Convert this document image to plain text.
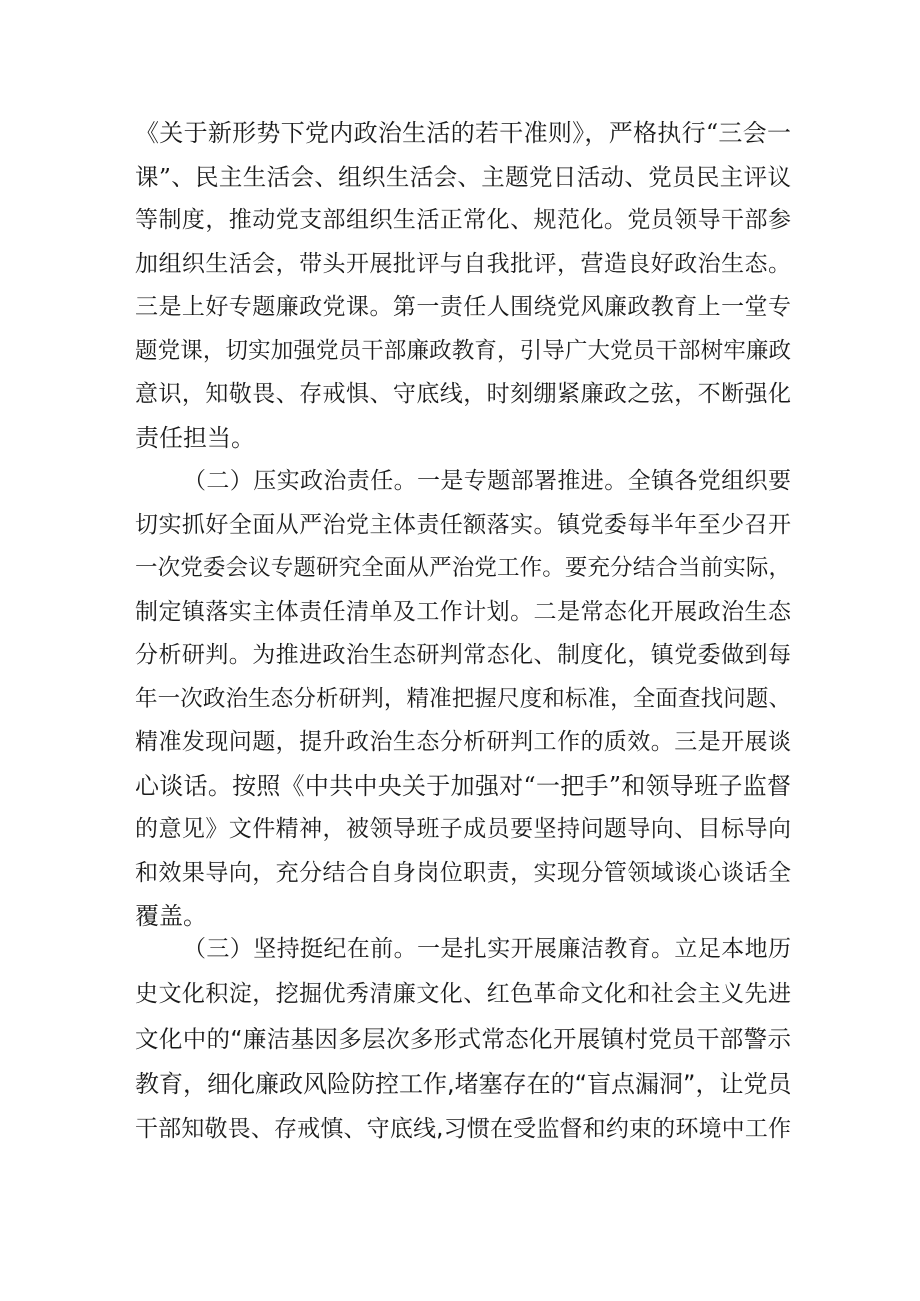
《关于新形势下党内政治生活的若干准则》，严格执行“三会一
课”、民主生活会、组织生活会、主题党日活动、党员民主评议
等制度，推动党支部组织生活正常化、规范化。党员领导干部参
加组织生活会，带头开展批评与自我批评，营造良好政治生态。
三是上好专题廉政党课。第一责任人围绕党风廉政教育上一堂专
题党课，切实加强党员干部廉政教育，引导广大党员干部树牢廉政
意识，知敬畏、存戒惧、守底线，时刻绷紧廉政之弦，不断强化
责任担当。
（二）压实政治责任。一是专题部署推进。全镇各党组织要
切实抓好全面从严治党主体责任额落实。镇党委每半年至少召开
一次党委会议专题研究全面从严治党工作。要充分结合当前实际，
制定镇落实主体责任清单及工作计划。二是常态化开展政治生态
分析研判。为推进政治生态研判常态化、制度化，镇党委做到每
年一次政治生态分析研判，精准把握尺度和标准，全面查找问题、
精准发现问题，提升政治生态分析研判工作的质效。三是开展谈
心谈话。按照《中共中央关于加强对“一把手”和领导班子监督
的意见》文件精神，被领导班子成员要坚持问题导向、目标导向
和效果导向，充分结合自身岗位职责，实现分管领域谈心谈话全
覆盖。
（三）坚持挺纪在前。一是扎实开展廉洁教育。立足本地历
史文化积淀，挖掘优秀清廉文化、红色革命文化和社会主义先进
文化中的“廉洁基因多层次多形式常态化开展镇村党员干部警示
教育，细化廉政风险防控工作,堵塞存在的“盲点漏洞”，让党员
干部知敬畏、存戒慎、守底线,习惯在受监督和约束的环境中工作
